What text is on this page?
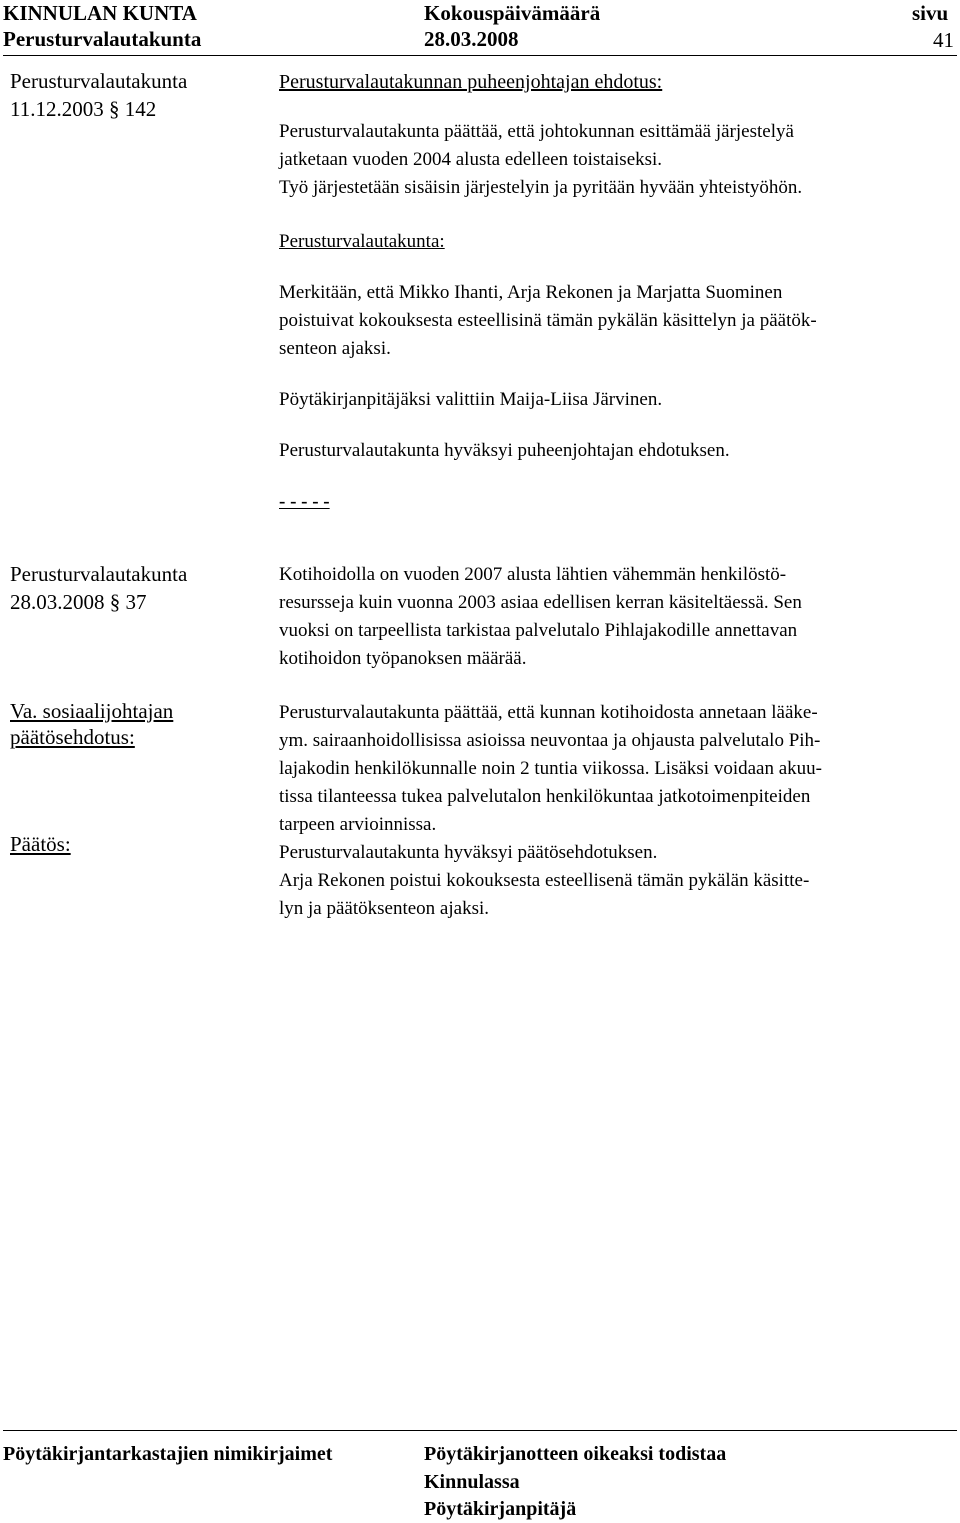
KINNULAN KUNTA
Perusturvalautakunta
Kokouspäivämäärä
28.03.2008
sivu
41
Perusturvalautakunta
11.12.2003 § 142

Perusturvalautakunnan puheenjohtajan ehdotus:

Perusturvalautakunta päättää, että johtokunnan esittämää järjestelyä

jatketaan vuoden 2004 alusta edelleen toistaiseksi.

Työ järjestetään sisäisin järjestelyin ja pyritään hyvään yhteistyöhön.

Perusturvalautakunta:

Merkitään, että Mikko Ihanti, Arja Rekonen ja Marjatta Suominen

poistuivat kokouksesta esteellisinä tämän pykälän käsittelyn ja päätök-

senteon ajaksi.

Pöytäkirjanpitäjäksi valittiin Maija-Liisa Järvinen.

Perusturvalautakunta hyväksyi puheenjohtajan ehdotuksen.

- - - - -

Perusturvalautakunta
28.03.2008 § 37
Va. sosiaalijohtajan
päätösehdotus:
Päätös:

Kotihoidolla on vuoden 2007 alusta lähtien vähemmän henkilöstö-

resursseja kuin vuonna 2003 asiaa edellisen kerran käsiteltäessä. Sen

vuoksi on tarpeellista tarkistaa palvelutalo Pihlajakodille annettavan

kotihoidon työpanoksen määrää.

Perusturvalautakunta päättää, että kunnan kotihoidosta annetaan lääke-

ym. sairaanhoidollisissa asioissa neuvontaa ja ohjausta palvelutalo Pih-

lajakodin henkilökunnalle noin 2 tuntia viikossa. Lisäksi voidaan akuu-

tissa tilanteessa tukea palvelutalon henkilökuntaa jatkotoimenpiteiden

tarpeen arvioinnissa.

Perusturvalautakunta hyväksyi päätösehdotuksen.

Arja Rekonen poistui kokouksesta esteellisenä tämän pykälän käsitte-

lyn ja päätöksenteon ajaksi.

Pöytäkirjantarkastajien nimikirjaimet	Pöytäkirjanotteen oikeaksi todistaa
Kinnulassa
Pöytäkirjanpitäjä
